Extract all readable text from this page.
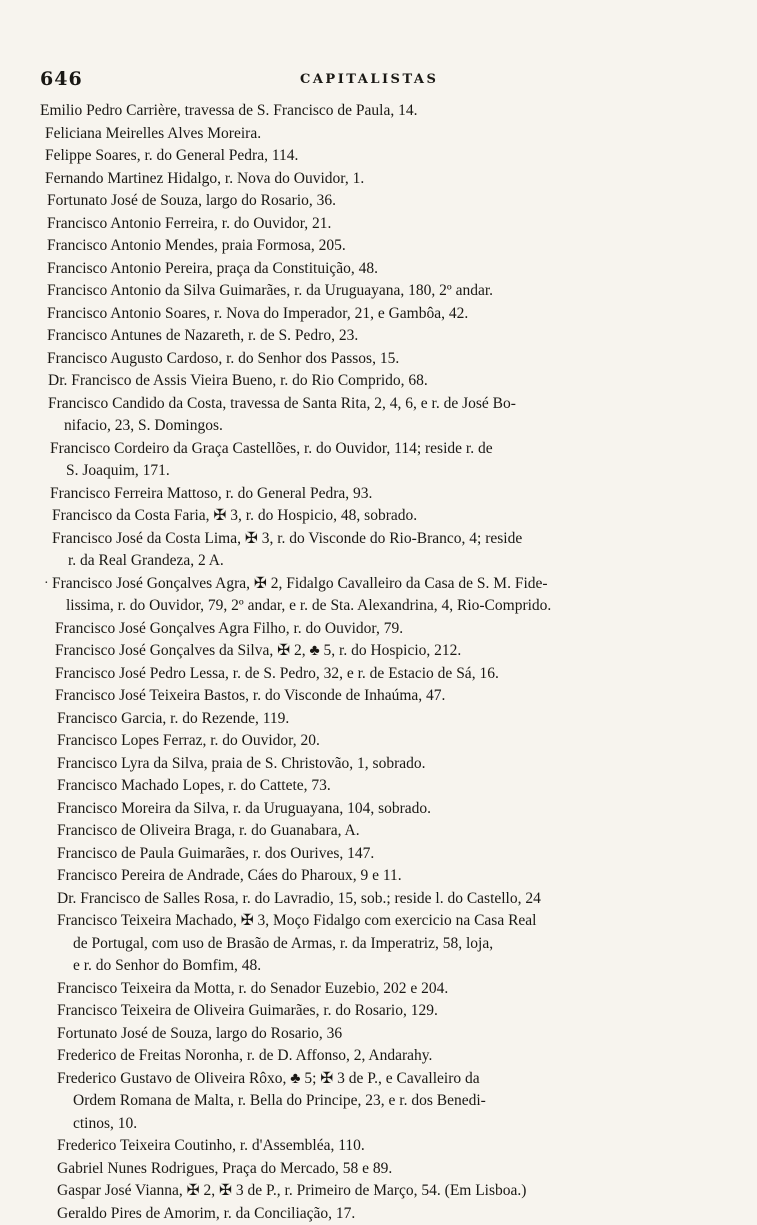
646	CAPITALISTAS
Emilio Pedro Carrière, travessa de S. Francisco de Paula, 14.
Feliciana Meirelles Alves Moreira.
Felippe Soares, r. do General Pedra, 114.
Fernando Martinez Hidalgo, r. Nova do Ouvidor, 1.
Fortunato José de Souza, largo do Rosario, 36.
Francisco Antonio Ferreira, r. do Ouvidor, 21.
Francisco Antonio Mendes, praia Formosa, 205.
Francisco Antonio Pereira, praça da Constituição, 48.
Francisco Antonio da Silva Guimarães, r. da Uruguayana, 180, 2º andar.
Francisco Antonio Soares, r. Nova do Imperador, 21, e Gambôa, 42.
Francisco Antunes de Nazareth, r. de S. Pedro, 23.
Francisco Augusto Cardoso, r. do Senhor dos Passos, 15.
Dr. Francisco de Assis Vieira Bueno, r. do Rio Comprido, 68.
Francisco Candido da Costa, travessa de Santa Rita, 2, 4, 6, e r. de José Bo-
nifacio, 23, S. Domingos.
Francisco Cordeiro da Graça Castellões, r. do Ouvidor, 114; reside r. de
S. Joaquim, 171.
Francisco Ferreira Mattoso, r. do General Pedra, 93.
Francisco da Costa Faria, ✠ 3, r. do Hospicio, 48, sobrado.
Francisco José da Costa Lima, ✠ 3, r. do Visconde do Rio-Branco, 4; reside
r. da Real Grandeza, 2 A.
· Francisco José Gonçalves Agra, ✠ 2, Fidalgo Cavalleiro da Casa de S. M. Fide-
lissima, r. do Ouvidor, 79, 2º andar, e r. de Sta. Alexandrina, 4, Rio-Comprido.
Francisco José Gonçalves Agra Filho, r. do Ouvidor, 79.
Francisco José Gonçalves da Silva, ✠ 2, ♣ 5, r. do Hospicio, 212.
Francisco José Pedro Lessa, r. de S. Pedro, 32, e r. de Estacio de Sá, 16.
Francisco José Teixeira Bastos, r. do Visconde de Inhaúma, 47.
Francisco Garcia, r. do Rezende, 119.
Francisco Lopes Ferraz, r. do Ouvidor, 20.
Francisco Lyra da Silva, praia de S. Christovão, 1, sobrado.
Francisco Machado Lopes, r. do Cattete, 73.
Francisco Moreira da Silva, r. da Uruguayana, 104, sobrado.
Francisco de Oliveira Braga, r. do Guanabara, A.
Francisco de Paula Guimarães, r. dos Ourives, 147.
Francisco Pereira de Andrade, Cáes do Pharoux, 9 e 11.
Dr. Francisco de Salles Rosa, r. do Lavradio, 15, sob.; reside l. do Castello, 24
Francisco Teixeira Machado, ✠ 3, Moço Fidalgo com exercicio na Casa Real
de Portugal, com uso de Brasão de Armas, r. da Imperatriz, 58, loja,
e r. do Senhor do Bomfim, 48.
Francisco Teixeira da Motta, r. do Senador Euzebio, 202 e 204.
Francisco Teixeira de Oliveira Guimarães, r. do Rosario, 129.
Fortunato José de Souza, largo do Rosario, 36
Frederico de Freitas Noronha, r. de D. Affonso, 2, Andarahy.
Frederico Gustavo de Oliveira Rôxo, ♣ 5; ✠ 3 de P., e Cavalleiro da
Ordem Romana de Malta, r. Bella do Principe, 23, e r. dos Benedi-
ctinos, 10.
Frederico Teixeira Coutinho, r. d'Assembléa, 110.
Gabriel Nunes Rodrigues, Praça do Mercado, 58 e 89.
Gaspar José Vianna, ✠ 2, ✠ 3 de P., r. Primeiro de Março, 54. (Em Lisboa.)
Geraldo Pires de Amorim, r. da Conciliação, 17.
